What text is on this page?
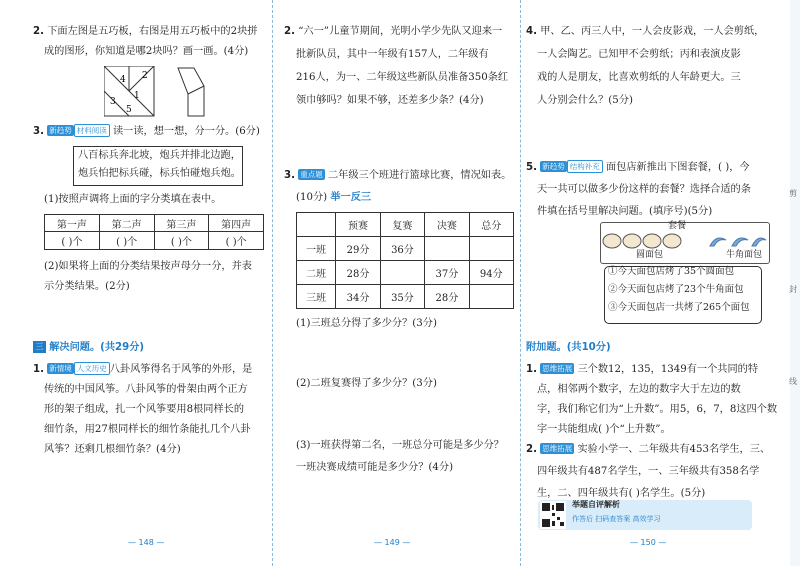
2. 下面左图是五巧板，右图是用五巧板中的2块拼
成的图形，你知道是哪2块吗？画一画。(4分)
4 2
3
1
5
3. 新趋势 材料阅读 读一读，想一想，分一分。(6分)
八百标兵奔北坡，炮兵并排北边跑，
炮兵怕把标兵碰，标兵怕碰炮兵炮。
(1)按照声调将上面的字分类填在表中。
第一声	第二声	第三声	第四声
( )个	( )个	( )个	( )个
(2)如果将上面的分类结果按声母分一分，并表
示分类结果。(2分)
三 解决问题。(共29分)
1. 新情境 人文历史 八卦风筝得名于风筝的外形，是
传统的中国风筝。八卦风筝的骨架由两个正方
形的架子组成，扎一个风筝要用8根同样长的
细竹条，用27根同样长的细竹条能扎几个八卦
风筝？还剩几根细竹条？(4分)
— 148 —
2. “六一”儿童节期间，光明小学少先队又迎来一
批新队员，其中一年级有157人，二年级有
216人，为一、二年级这些新队员准备350条红
领巾够吗？如果不够，还差多少条？(4分)
3. 重点题 二年级三个班进行篮球比赛，情况如表。
(10分) 举一反三
	预赛	复赛	决赛	总分
一班	29分	36分		
二班	28分		37分	94分
三班	34分	35分	28分	
(1)三班总分得了多少分？(3分)
(2)二班复赛得了多少分？(3分)
(3)一班获得第二名，一班总分可能是多少分？
一班决赛成绩可能是多少分？(4分)
— 149 —
4. 甲、乙、丙三人中，一人会皮影戏，一人会剪纸，
一人会陶艺。已知甲不会剪纸；丙和表演皮影
戏的人是朋友，比喜欢剪纸的人年龄更大。三
人分别会什么？(5分)
5. 新趋势 结构补充 面包店新推出下图套餐，( )，今
天一共可以做多少份这样的套餐？选择合适的条
件填在括号里解决问题。(填序号)(5分)
套餐
圆面包	牛角面包
①今天面包店烤了35个圆面包
②今天面包店烤了23个牛角面包
③今天面包店一共烤了265个面包
附加题。(共10分)
1. 思维拓展 三个数12，135，1349有一个共同的特
点，相邻两个数字，左边的数字大于左边的数
字，我们称它们为“上升数”。用5，6，7，8这四个数
字一共能组成( )个“上升数”。
2. 思维拓展 实验小学一、二年级共有453名学生，三、
四年级共有487名学生，一、三年级共有358名学
生，二、四年级共有( )名学生。(5分)
举题自评解析
作答后 扫码查答案 高效学习
— 150 —
剪
封
线
